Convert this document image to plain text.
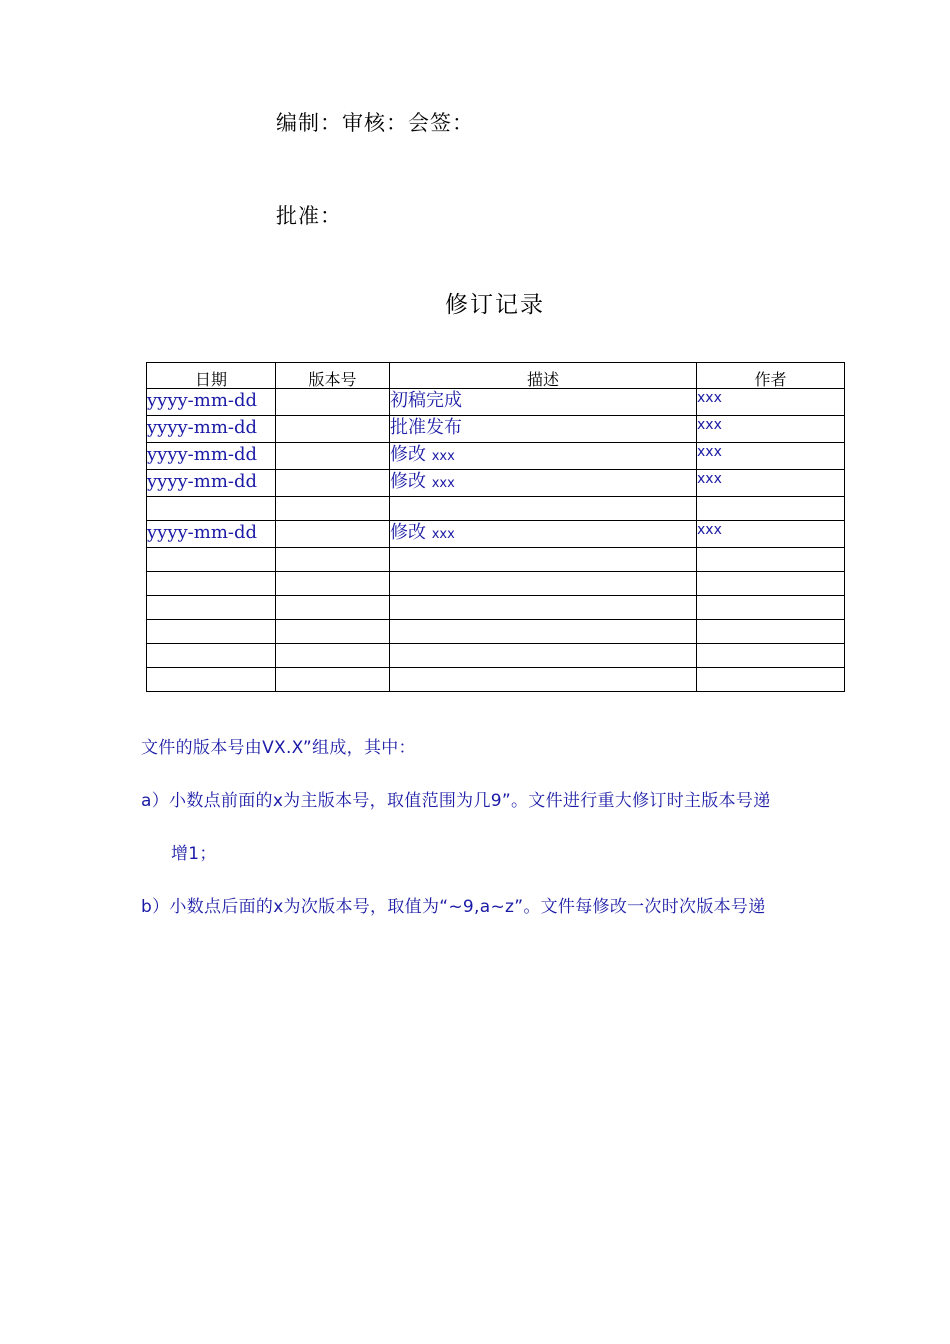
编制：审核：会签：
批准：
修订记录
日期	版本号	描述	作者
yyyy-mm-dd		初稿完成	xxx
yyyy-mm-dd		批准发布	xxx
yyyy-mm-dd		修改 xxx	xxx
yyyy-mm-dd		修改 xxx	xxx

yyyy-mm-dd		修改 xxx	xxx

文件的版本号由VX.X”组成，其中：
a）小数点前面的x为主版本号，取值范围为几9”。文件进行重大修订时主版本号递
增1；
b）小数点后面的x为次版本号，取值为“~9,a~z”。文件每修改一次时次版本号递
